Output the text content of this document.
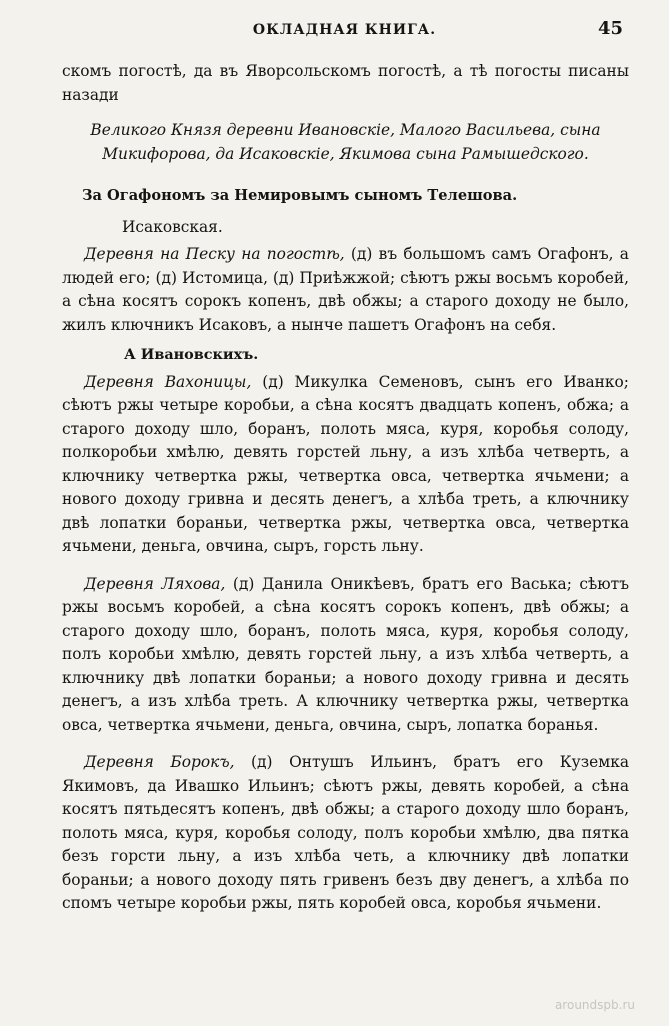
ОКЛАДНАЯ КНИГА.	45

скомъ погостѣ, да въ Яворсольскомъ погостѣ, а тѣ погосты писаны назади

Великого Князя деревни Ивановскіе, Малого Васильева, сына Микифорова, да Исаковскіе, Якимова сына Рамышедского.

За Огафономъ за Немировымъ сыномъ Телешова.

Исаковская.

Деревня на Песку на погостѣ, (д) въ большомъ самъ Огафонъ, а людей его; (д) Истомица, (д) Приѣжжой; сѣютъ ржы восьмъ коробей, а сѣна косятъ сорокъ копенъ, двѣ обжы; а старого доходу не было, жилъ ключникъ Исаковъ, а нынче пашетъ Огафонъ на себя.

А Ивановскихъ.

Деревня Вахоницы, (д) Микулка Семеновъ, сынъ его Иванко; сѣютъ ржы четыре коробьи, а сѣна косятъ двадцать копенъ, обжа; а старого доходу шло, боранъ, полоть мяса, куря, коробья солоду, полкоробьи хмѣлю, девять горстей льну, а изъ хлѣба четверть, а ключнику четвертка ржы, четвертка овса, четвертка ячьмени; а нового доходу гривна и десять денегъ, а хлѣба треть, а ключнику двѣ лопатки бораньи, четвертка ржы, четвертка овса, четвертка ячьмени, деньга, овчина, сыръ, горсть льну.

Деревня Ляхова, (д) Данила Оникѣевъ, братъ его Васька; сѣютъ ржы восьмъ коробей, а сѣна косятъ сорокъ копенъ, двѣ обжы; а старого доходу шло, боранъ, полоть мяса, куря, коробья солоду, полъ коробьи хмѣлю, девять горстей льну, а изъ хлѣба четверть, а ключнику двѣ лопатки бораньи; а нового доходу гривна и десять денегъ, а изъ хлѣба треть. А ключнику четвертка ржы, четвертка овса, четвертка ячьмени, деньга, овчина, сыръ, лопатка боранья.

Деревня Борокъ, (д) Онтушъ Ильинъ, братъ его Куземка Якимовъ, да Ивашко Ильинъ; сѣютъ ржы, девять коробей, а сѣна косятъ пятьдесятъ копенъ, двѣ обжы; а старого доходу шло боранъ, полоть мяса, куря, коробья солоду, полъ коробьи хмѣлю, два пятка безъ горсти льну, а изъ хлѣба четь, а ключнику двѣ лопатки бораньи; а нового доходу пять гривенъ безъ дву денегъ, а хлѣба по спомъ четыре коробьи ржы, пять коробей овса, коробья ячьмени.

aroundspb.ru
